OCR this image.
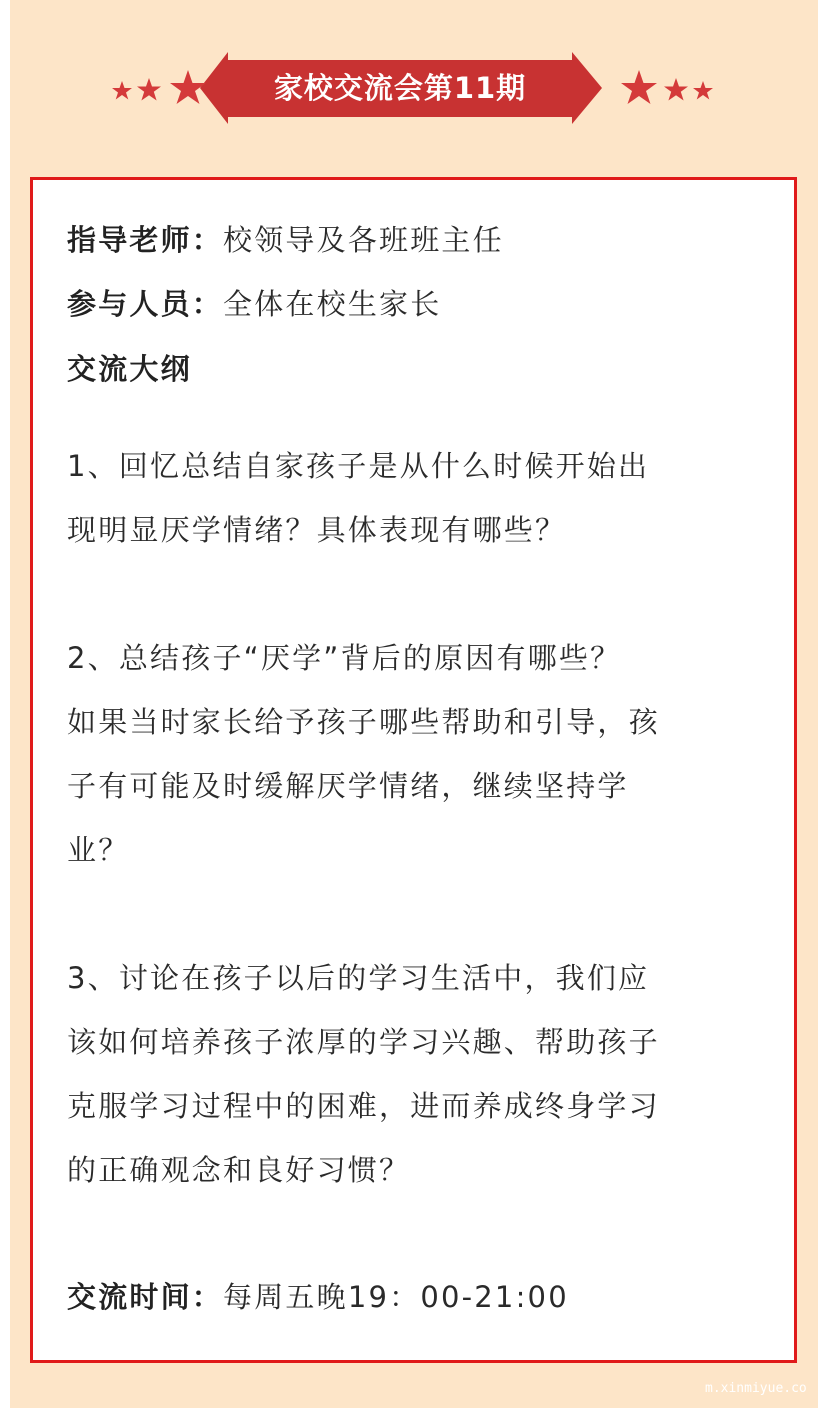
家校交流会第11期
指导老师：校领导及各班班主任
参与人员：全体在校生家长
交流大纲
1、回忆总结自家孩子是从什么时候开始出
现明显厌学情绪？具体表现有哪些？
2、总结孩子“厌学”背后的原因有哪些？
如果当时家长给予孩子哪些帮助和引导，孩
子有可能及时缓解厌学情绪，继续坚持学
业？
3、讨论在孩子以后的学习生活中，我们应
该如何培养孩子浓厚的学习兴趣、帮助孩子
克服学习过程中的困难，进而养成终身学习
的正确观念和良好习惯？
交流时间：每周五晚19：00-21:00
m.xinmiyue.co
